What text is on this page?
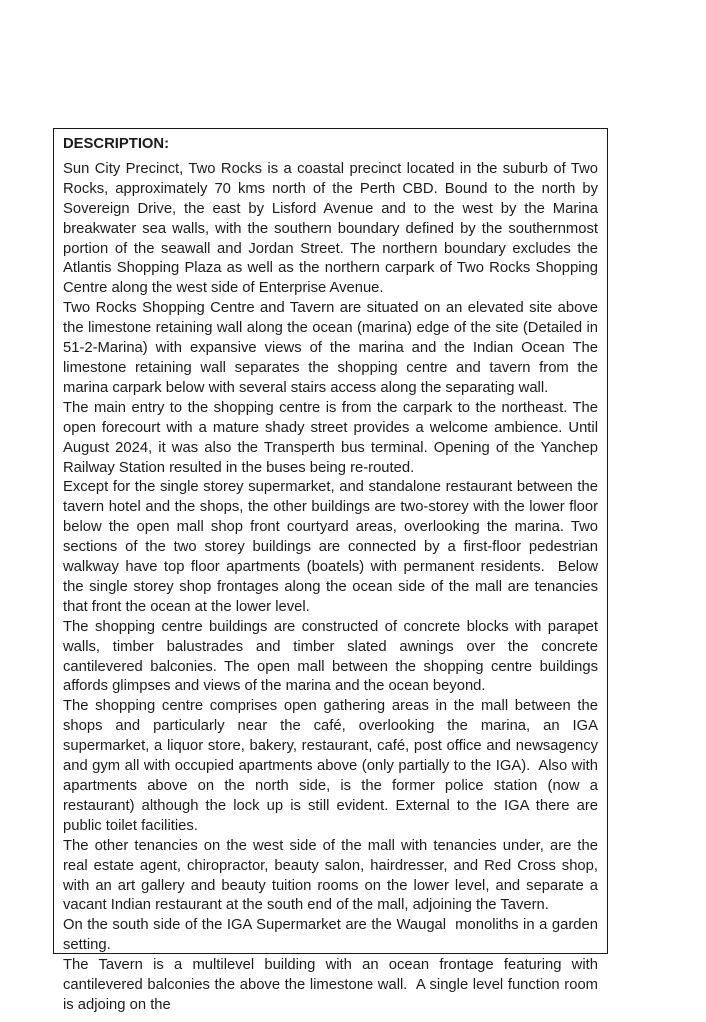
DESCRIPTION:

Sun City Precinct, Two Rocks is a coastal precinct located in the suburb of Two Rocks, approximately 70 kms north of the Perth CBD. Bound to the north by Sovereign Drive, the east by Lisford Avenue and to the west by the Marina breakwater sea walls, with the southern boundary defined by the southernmost portion of the seawall and Jordan Street. The northern boundary excludes the Atlantis Shopping Plaza as well as the northern carpark of Two Rocks Shopping Centre along the west side of Enterprise Avenue.

Two Rocks Shopping Centre and Tavern are situated on an elevated site above the limestone retaining wall along the ocean (marina) edge of the site (Detailed in 51-2-Marina) with expansive views of the marina and the Indian Ocean The limestone retaining wall separates the shopping centre and tavern from the marina carpark below with several stairs access along the separating wall.

The main entry to the shopping centre is from the carpark to the northeast. The open forecourt with a mature shady street provides a welcome ambience. Until August 2024, it was also the Transperth bus terminal. Opening of the Yanchep Railway Station resulted in the buses being re-routed.

Except for the single storey supermarket, and standalone restaurant between the tavern hotel and the shops, the other buildings are two-storey with the lower floor below the open mall shop front courtyard areas, overlooking the marina. Two sections of the two storey buildings are connected by a first-floor pedestrian walkway have top floor apartments (boatels) with permanent residents.  Below the single storey shop frontages along the ocean side of the mall are tenancies that front the ocean at the lower level.

The shopping centre buildings are constructed of concrete blocks with parapet walls, timber balustrades and timber slated awnings over the concrete cantilevered balconies. The open mall between the shopping centre buildings affords glimpses and views of the marina and the ocean beyond.

The shopping centre comprises open gathering areas in the mall between the shops and particularly near the café, overlooking the marina, an IGA supermarket, a liquor store, bakery, restaurant, café, post office and newsagency and gym all with occupied apartments above (only partially to the IGA).  Also with apartments above on the north side, is the former police station (now a restaurant) although the lock up is still evident. External to the IGA there are public toilet facilities.

The other tenancies on the west side of the mall with tenancies under, are the real estate agent, chiropractor, beauty salon, hairdresser, and Red Cross shop, with an art gallery and beauty tuition rooms on the lower level, and separate a vacant Indian restaurant at the south end of the mall, adjoining the Tavern.

On the south side of the IGA Supermarket are the Waugal  monoliths in a garden setting.

The Tavern is a multilevel building with an ocean frontage featuring with cantilevered balconies the above the limestone wall.  A single level function room is adjoing on the
